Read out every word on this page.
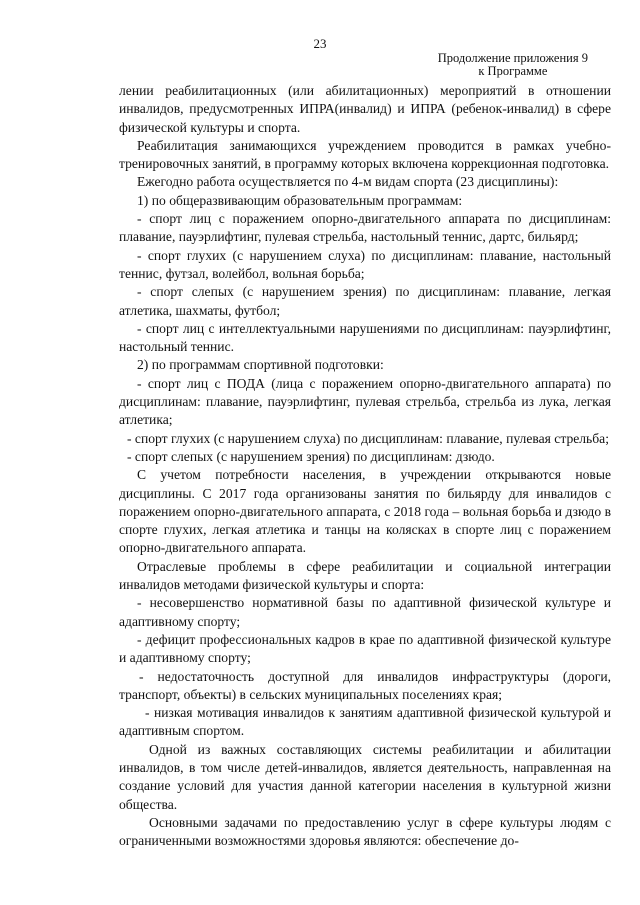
23
Продолжение приложения 9
к Программе

лении реабилитационных (или абилитационных) мероприятий в отношении инвалидов, предусмотренных ИПРА(инвалид) и ИПРА (ребенок-инвалид) в сфере физической культуры и спорта.

Реабилитация занимающихся учреждением проводится в рамках учебно-тренировочных занятий, в программу которых включена коррекционная подготовка.

Ежегодно работа осуществляется по 4-м видам спорта (23 дисциплины):

1) по общеразвивающим образовательным программам:

- спорт лиц с поражением опорно-двигательного аппарата по дисциплинам: плавание, пауэрлифтинг, пулевая стрельба, настольный теннис, дартс, бильярд;

- спорт глухих (с нарушением слуха) по дисциплинам: плавание, настольный теннис, футзал, волейбол, вольная борьба;

- спорт слепых (с нарушением зрения) по дисциплинам: плавание, легкая атлетика, шахматы, футбол;

- спорт лиц с интеллектуальными нарушениями по дисциплинам: пауэрлифтинг, настольный теннис.

2) по программам спортивной подготовки:

- спорт лиц с ПОДА (лица с поражением опорно-двигательного аппарата) по дисциплинам: плавание, пауэрлифтинг, пулевая стрельба, стрельба из лука, легкая атлетика;

- спорт глухих (с нарушением слуха) по дисциплинам: плавание, пулевая стрельба;

- спорт слепых (с нарушением зрения) по дисциплинам: дзюдо.

С учетом потребности населения, в учреждении открываются новые дисциплины. С 2017 года организованы занятия по бильярду для инвалидов с поражением опорно-двигательного аппарата, с 2018 года – вольная борьба и дзюдо в спорте глухих, легкая атлетика и танцы на колясках в спорте лиц с поражением опорно-двигательного аппарата.

Отраслевые проблемы в сфере реабилитации и социальной интеграции инвалидов методами физической культуры и спорта:

- несовершенство нормативной базы по адаптивной физической культуре и адаптивному спорту;

- дефицит профессиональных кадров в крае по адаптивной физической культуре и адаптивному спорту;

- недостаточность доступной для инвалидов инфраструктуры (дороги, транспорт, объекты) в сельских муниципальных поселениях края;

- низкая мотивация инвалидов к занятиям адаптивной физической культурой и адаптивным спортом.

Одной из важных составляющих системы реабилитации и абилитации инвалидов, в том числе детей-инвалидов, является деятельность, направленная на создание условий для участия данной категории населения в культурной жизни общества.

Основными задачами по предоставлению услуг в сфере культуры людям с ограниченными возможностями здоровья являются: обеспечение до-
